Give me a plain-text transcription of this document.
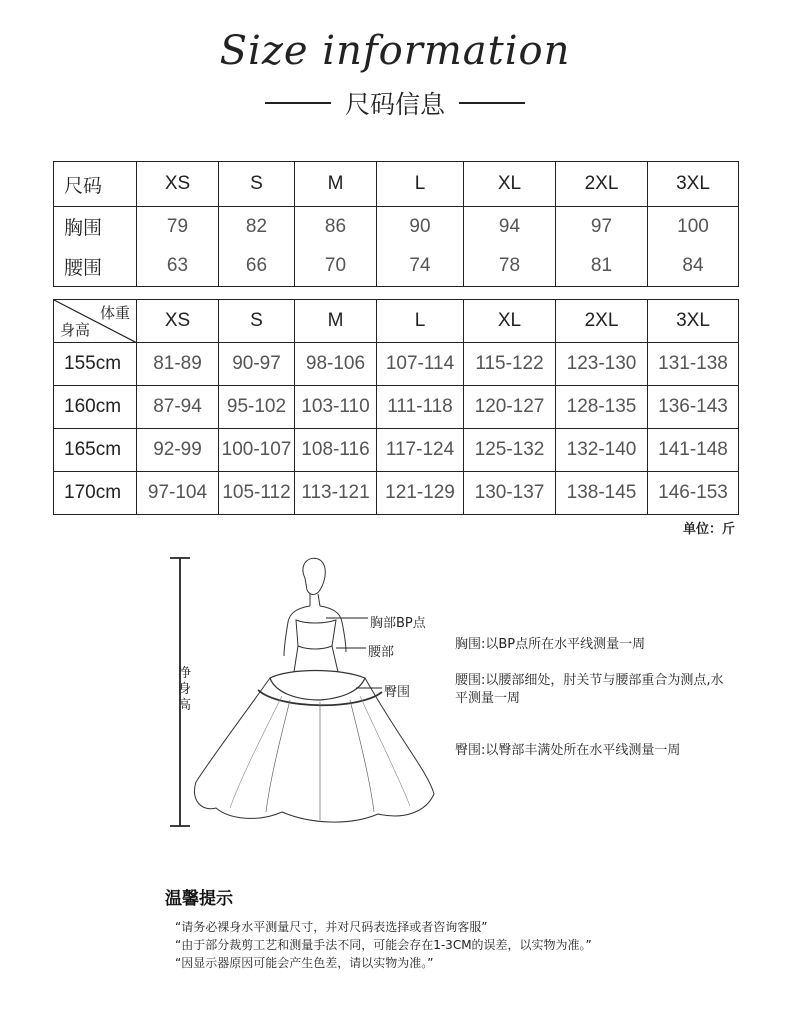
Size information
尺码信息
尺码	XS	S	M	L	XL	2XL	3XL
胸围	79	82	86	90	94	97	100
腰围	63	66	70	74	78	81	84
体重
身高	XS	S	M	L	XL	2XL	3XL
155cm	81-89	90-97	98-106	107-114	115-122	123-130	131-138
160cm	87-94	95-102	103-110	111-118	120-127	128-135	136-143
165cm	92-99	100-107	108-116	117-124	125-132	132-140	141-148
170cm	97-104	105-112	113-121	121-129	130-137	138-145	146-153
单位：斤
净身高
胸部BP点
腰部
臀围
胸围:以BP点所在水平线测量一周
腰围:以腰部细处，肘关节与腰部重合为测点,水平测量一周
臀围:以臀部丰满处所在水平线测量一周
温馨提示
“请务必裸身水平测量尺寸，并对尺码表选择或者咨询客服”
“由于部分裁剪工艺和测量手法不同，可能会存在1-3CM的误差，以实物为准。”
“因显示器原因可能会产生色差，请以实物为准。”
